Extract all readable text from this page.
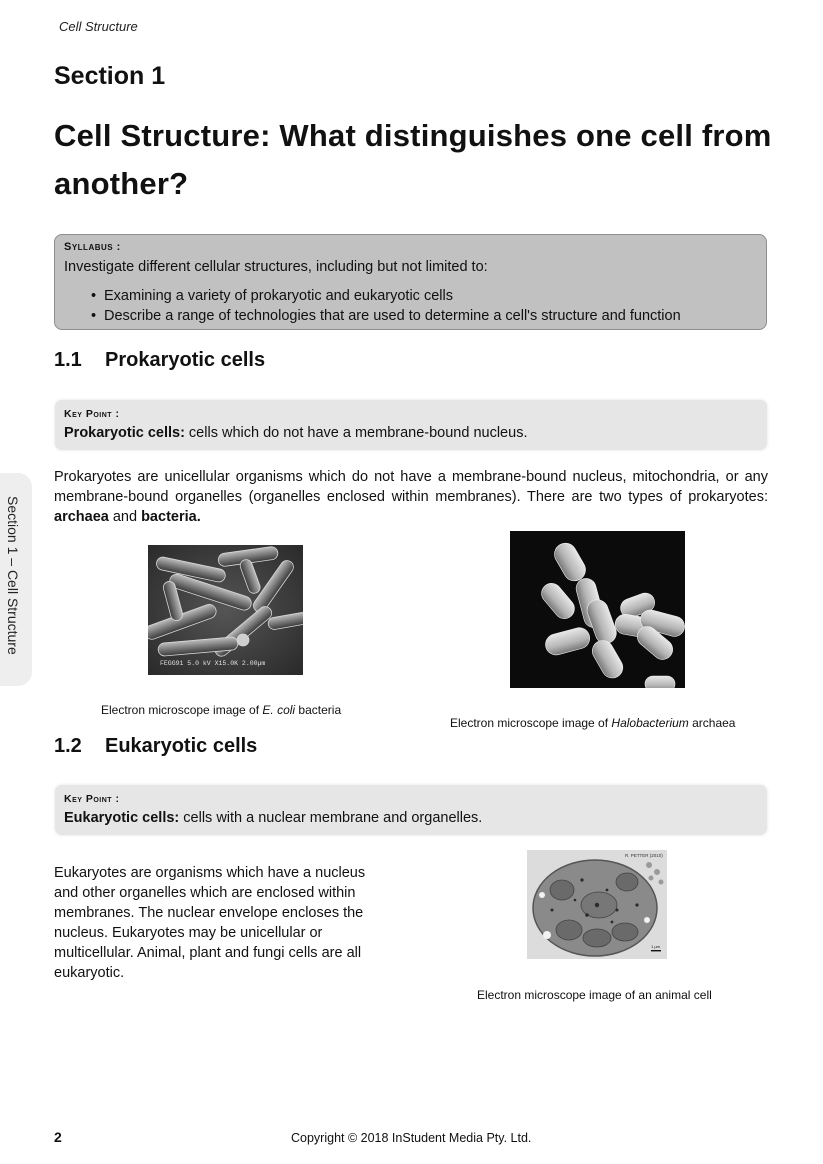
Cell Structure
Section 1
Cell Structure: What distinguishes one cell from another?
Syllabus :
Investigate different cellular structures, including but not limited to:
• Examining a variety of prokaryotic and eukaryotic cells
• Describe a range of technologies that are used to determine a cell's structure and function
1.1 Prokaryotic cells
Key Point :
Prokaryotic cells: cells which do not have a membrane-bound nucleus.

Prokaryotes are unicellular organisms which do not have a membrane-bound nucleus, mitochondria, or any membrane-bound organelles (organelles enclosed within membranes). There are two types of prokaryotes: archaea and bacteria.

FEGG91 5.0 kV X15.0K 2.00µm
Electron microscope image of E. coli bacteria
Electron microscope image of Halobacterium archaea
1.2 Eukaryotic cells
Key Point :
Eukaryotic cells: cells with a nuclear membrane and organelles.

Eukaryotes are organisms which have a nucleus and other organelles which are enclosed within membranes. The nuclear envelope encloses the nucleus. Eukaryotes may be unicellular or multicellular. Animal, plant and fungi cells are all eukaryotic.

R. PETTER (2010)
1 µm
Electron microscope image of an animal cell
Section 1 – Cell Structure
2	Copyright © 2018 InStudent Media Pty. Ltd.
